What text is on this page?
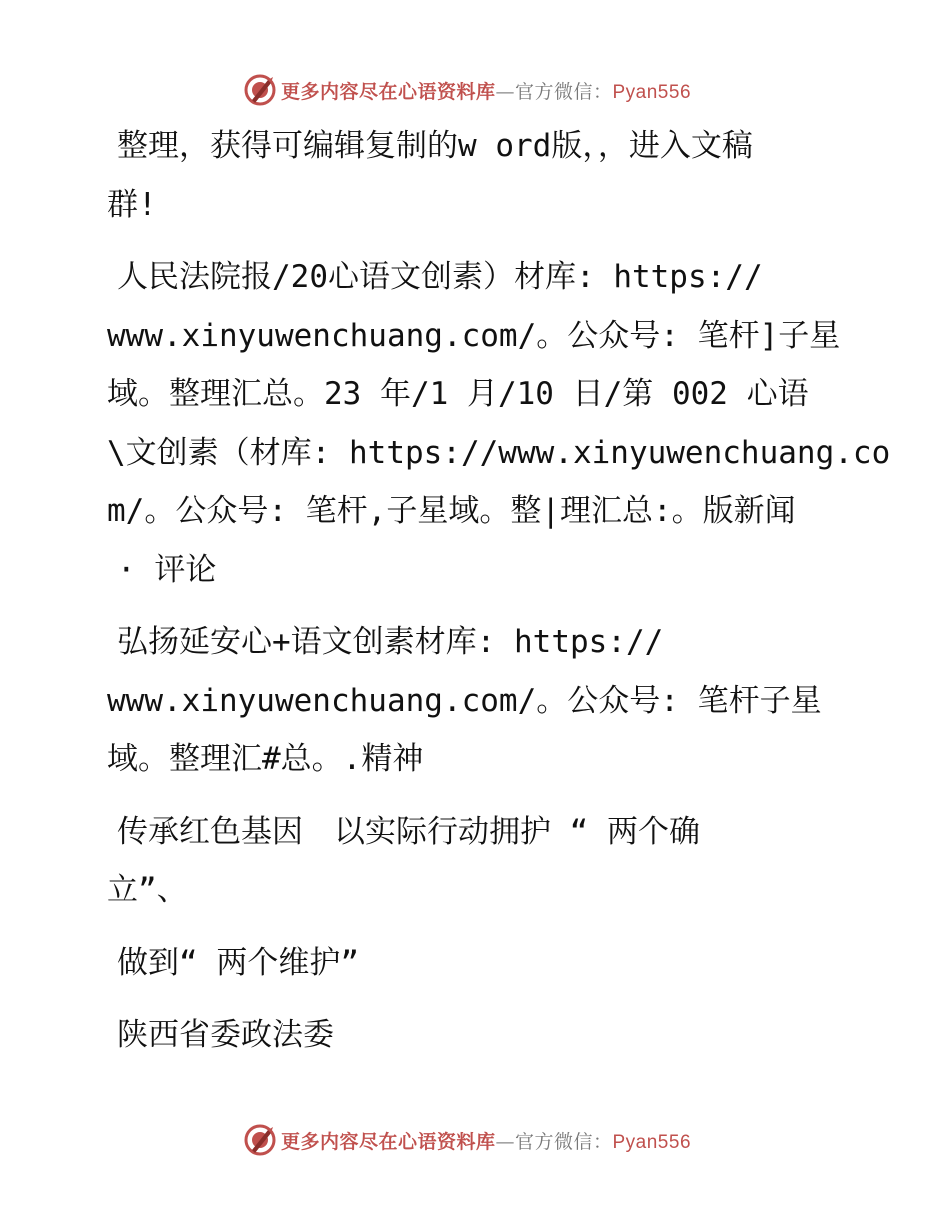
更多内容尽在心语资料库—官方微信：Pyan556
整理，获得可编辑复制的w ord版，，进入文稿
群!
人民法院报/20心语文创素）材库: https://
www.xinyuwenchuang.com/。公众号: 笔杆]子星
域。整理汇总。23 年/1 月/10 日/第 002 心语
\文创素（材库: https://www.xinyuwenchuang.co
m/。公众号: 笔杆,子星域。整|理汇总:。版新闻
· 评论
弘扬延安心+语文创素材库: https://
www.xinyuwenchuang.com/。公众号: 笔杆子星
域。整理汇#总。.精神
传承红色基因　以实际行动拥护 “ 两个确
立”、
做到“ 两个维护”
陕西省委政法委
更多内容尽在心语资料库—官方微信：Pyan556
